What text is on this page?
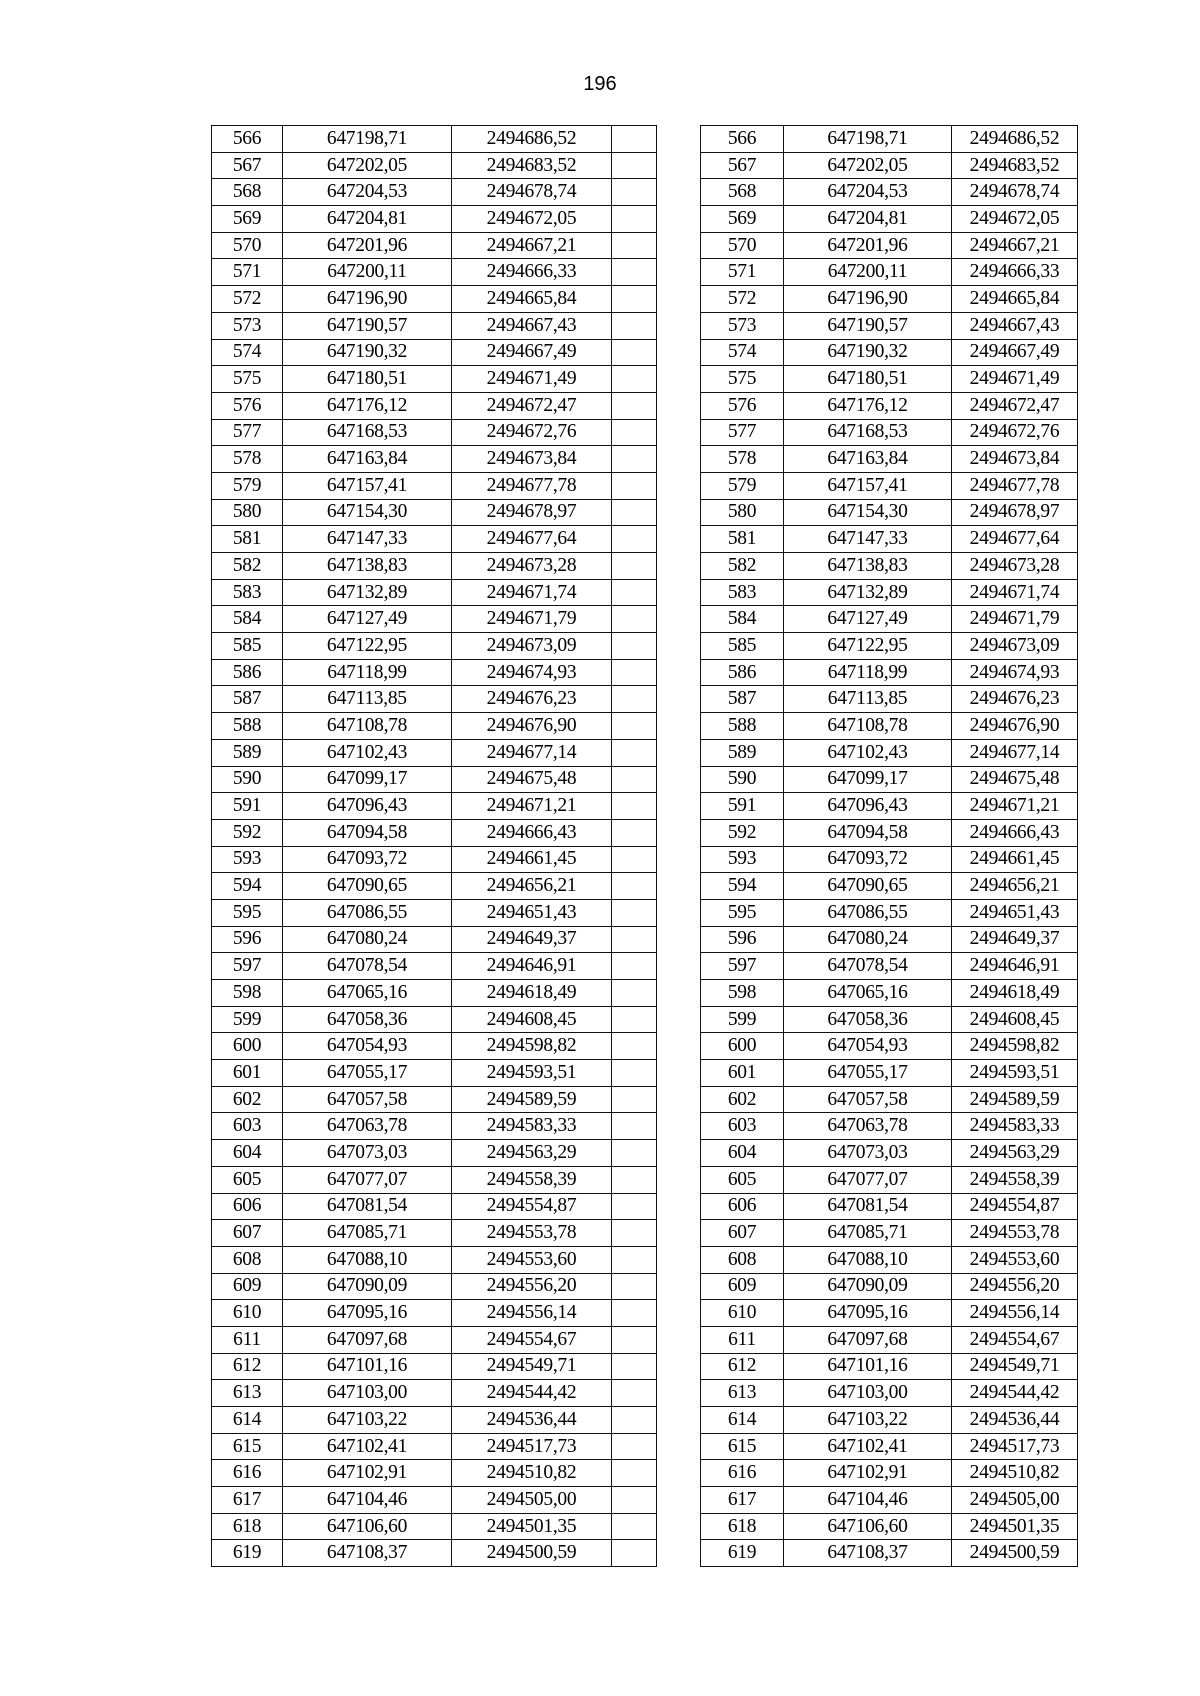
196
566	647198,71	2494686,52			566	647198,71	2494686,52
567	647202,05	2494683,52			567	647202,05	2494683,52
568	647204,53	2494678,74			568	647204,53	2494678,74
569	647204,81	2494672,05			569	647204,81	2494672,05
570	647201,96	2494667,21			570	647201,96	2494667,21
571	647200,11	2494666,33			571	647200,11	2494666,33
572	647196,90	2494665,84			572	647196,90	2494665,84
573	647190,57	2494667,43			573	647190,57	2494667,43
574	647190,32	2494667,49			574	647190,32	2494667,49
575	647180,51	2494671,49			575	647180,51	2494671,49
576	647176,12	2494672,47			576	647176,12	2494672,47
577	647168,53	2494672,76			577	647168,53	2494672,76
578	647163,84	2494673,84			578	647163,84	2494673,84
579	647157,41	2494677,78			579	647157,41	2494677,78
580	647154,30	2494678,97			580	647154,30	2494678,97
581	647147,33	2494677,64			581	647147,33	2494677,64
582	647138,83	2494673,28			582	647138,83	2494673,28
583	647132,89	2494671,74			583	647132,89	2494671,74
584	647127,49	2494671,79			584	647127,49	2494671,79
585	647122,95	2494673,09			585	647122,95	2494673,09
586	647118,99	2494674,93			586	647118,99	2494674,93
587	647113,85	2494676,23			587	647113,85	2494676,23
588	647108,78	2494676,90			588	647108,78	2494676,90
589	647102,43	2494677,14			589	647102,43	2494677,14
590	647099,17	2494675,48			590	647099,17	2494675,48
591	647096,43	2494671,21			591	647096,43	2494671,21
592	647094,58	2494666,43			592	647094,58	2494666,43
593	647093,72	2494661,45			593	647093,72	2494661,45
594	647090,65	2494656,21			594	647090,65	2494656,21
595	647086,55	2494651,43			595	647086,55	2494651,43
596	647080,24	2494649,37			596	647080,24	2494649,37
597	647078,54	2494646,91			597	647078,54	2494646,91
598	647065,16	2494618,49			598	647065,16	2494618,49
599	647058,36	2494608,45			599	647058,36	2494608,45
600	647054,93	2494598,82			600	647054,93	2494598,82
601	647055,17	2494593,51			601	647055,17	2494593,51
602	647057,58	2494589,59			602	647057,58	2494589,59
603	647063,78	2494583,33			603	647063,78	2494583,33
604	647073,03	2494563,29			604	647073,03	2494563,29
605	647077,07	2494558,39			605	647077,07	2494558,39
606	647081,54	2494554,87			606	647081,54	2494554,87
607	647085,71	2494553,78			607	647085,71	2494553,78
608	647088,10	2494553,60			608	647088,10	2494553,60
609	647090,09	2494556,20			609	647090,09	2494556,20
610	647095,16	2494556,14			610	647095,16	2494556,14
611	647097,68	2494554,67			611	647097,68	2494554,67
612	647101,16	2494549,71			612	647101,16	2494549,71
613	647103,00	2494544,42			613	647103,00	2494544,42
614	647103,22	2494536,44			614	647103,22	2494536,44
615	647102,41	2494517,73			615	647102,41	2494517,73
616	647102,91	2494510,82			616	647102,91	2494510,82
617	647104,46	2494505,00			617	647104,46	2494505,00
618	647106,60	2494501,35			618	647106,60	2494501,35
619	647108,37	2494500,59			619	647108,37	2494500,59
